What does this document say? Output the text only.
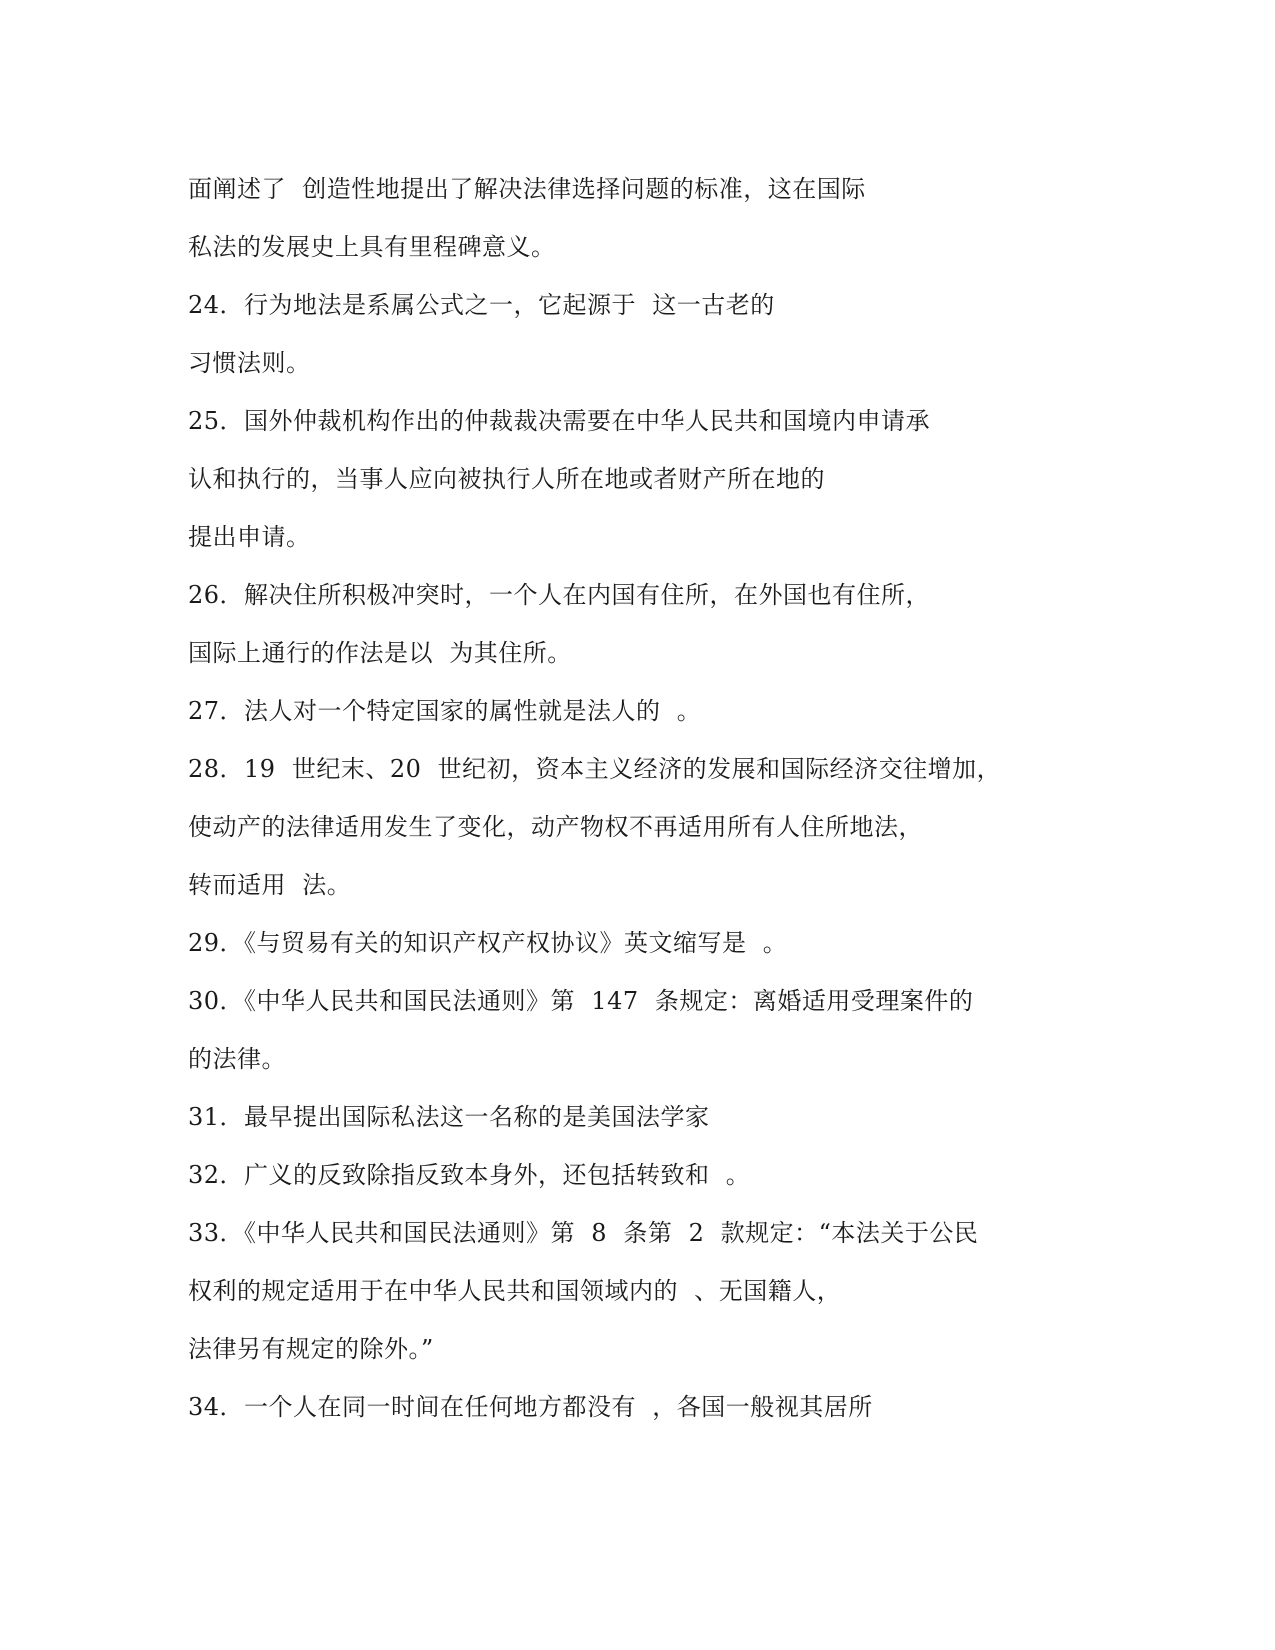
面阐述了  创造性地提出了解决法律选择问题的标准，这在国际
私法的发展史上具有里程碑意义。
24．行为地法是系属公式之一，它起源于  这一古老的
习惯法则。
25．国外仲裁机构作出的仲裁裁决需要在中华人民共和国境内申请承
认和执行的，当事人应向被执行人所在地或者财产所在地的
提出申请。
26．解决住所积极冲突时，一个人在内国有住所，在外国也有住所，
国际上通行的作法是以  为其住所。
27．法人对一个特定国家的属性就是法人的  。
28．19  世纪末、20  世纪初，资本主义经济的发展和国际经济交往增加，
使动产的法律适用发生了变化，动产物权不再适用所有人住所地法，
转而适用  法。
29．《与贸易有关的知识产权产权协议》英文缩写是  。
30．《中华人民共和国民法通则》第  147  条规定：离婚适用受理案件的
的法律。
31．最早提出国际私法这一名称的是美国法学家
32．广义的反致除指反致本身外，还包括转致和  。
33．《中华人民共和国民法通则》第  8  条第  2  款规定：“本法关于公民
权利的规定适用于在中华人民共和国领域内的  、无国籍人，
法律另有规定的除外。”
34．一个人在同一时间在任何地方都没有  ，各国一般视其居所
